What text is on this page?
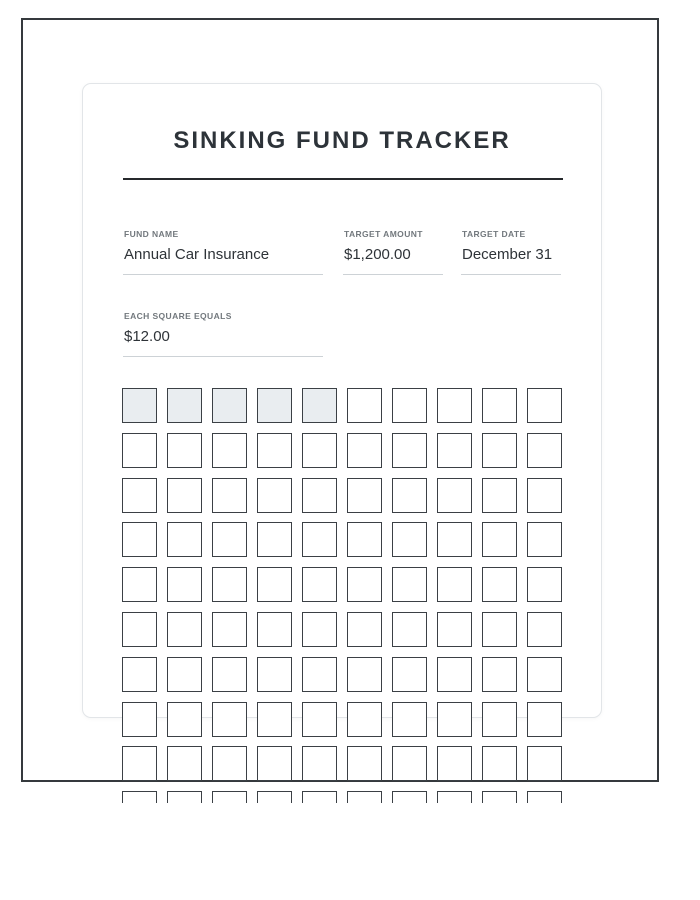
SINKING FUND TRACKER
FUND NAME
Annual Car Insurance
TARGET AMOUNT
$1,200.00
TARGET DATE
December 31
EACH SQUARE EQUALS
$12.00
